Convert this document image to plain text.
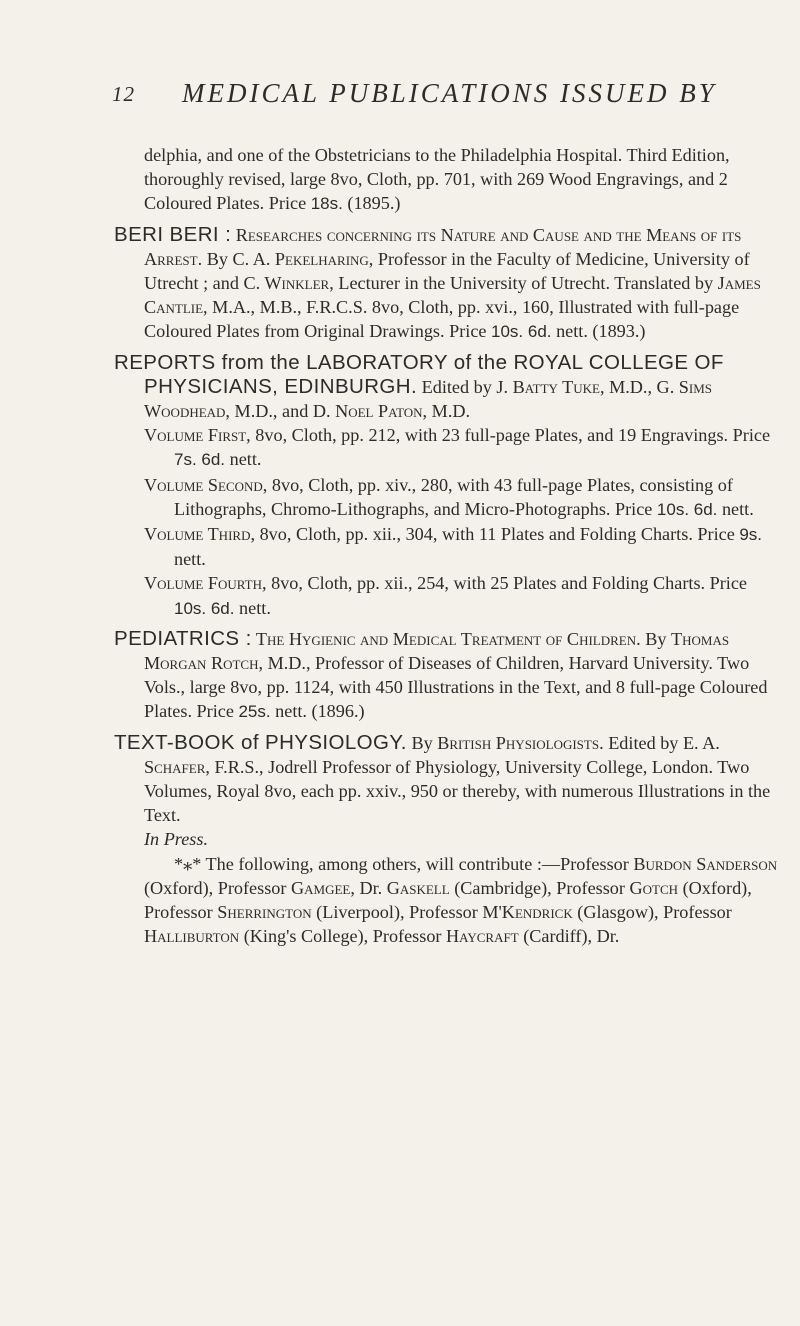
12 MEDICAL PUBLICATIONS ISSUED BY

delphia, and one of the Obstetricians to the Philadelphia Hospital. Third Edition, thoroughly revised, large 8vo, Cloth, pp. 701, with 269 Wood Engravings, and 2 Coloured Plates. Price 18s. (1895.)

BERI BERI : Researches concerning its Nature and Cause and the Means of its Arrest. By C. A. Pekelharing, Professor in the Faculty of Medicine, University of Utrecht ; and C. Winkler, Lecturer in the University of Utrecht. Translated by James Cantlie, M.A., M.B., F.R.C.S. 8vo, Cloth, pp. xvi., 160, Illustrated with full-page Coloured Plates from Original Drawings. Price 10s. 6d. nett. (1893.)

REPORTS from the LABORATORY of the ROYAL COLLEGE OF PHYSICIANS, EDINBURGH. Edited by J. Batty Tuke, M.D., G. Sims Woodhead, M.D., and D. Noel Paton, M.D.

Volume First, 8vo, Cloth, pp. 212, with 23 full-page Plates, and 19 Engravings. Price 7s. 6d. nett.

Volume Second, 8vo, Cloth, pp. xiv., 280, with 43 full-page Plates, consisting of Lithographs, Chromo-Lithographs, and Micro-Photographs. Price 10s. 6d. nett.

Volume Third, 8vo, Cloth, pp. xii., 304, with 11 Plates and Folding Charts. Price 9s. nett.

Volume Fourth, 8vo, Cloth, pp. xii., 254, with 25 Plates and Folding Charts. Price 10s. 6d. nett.

PEDIATRICS : The Hygienic and Medical Treatment of Children. By Thomas Morgan Rotch, M.D., Professor of Diseases of Children, Harvard University. Two Vols., large 8vo, pp. 1124, with 450 Illustrations in the Text, and 8 full-page Coloured Plates. Price 25s. nett. (1896.)

TEXT-BOOK of PHYSIOLOGY. By British Physiologists. Edited by E. A. Schafer, F.R.S., Jodrell Professor of Physiology, University College, London. Two Volumes, Royal 8vo, each pp. xxiv., 950 or thereby, with numerous Illustrations in the Text.

In Press.

*⁎* The following, among others, will contribute :—Professor Burdon Sanderson (Oxford), Professor Gamgee, Dr. Gaskell (Cambridge), Professor Gotch (Oxford), Professor Sherrington (Liverpool), Professor M'Kendrick (Glasgow), Professor Halliburton (King's College), Professor Haycraft (Cardiff), Dr.
